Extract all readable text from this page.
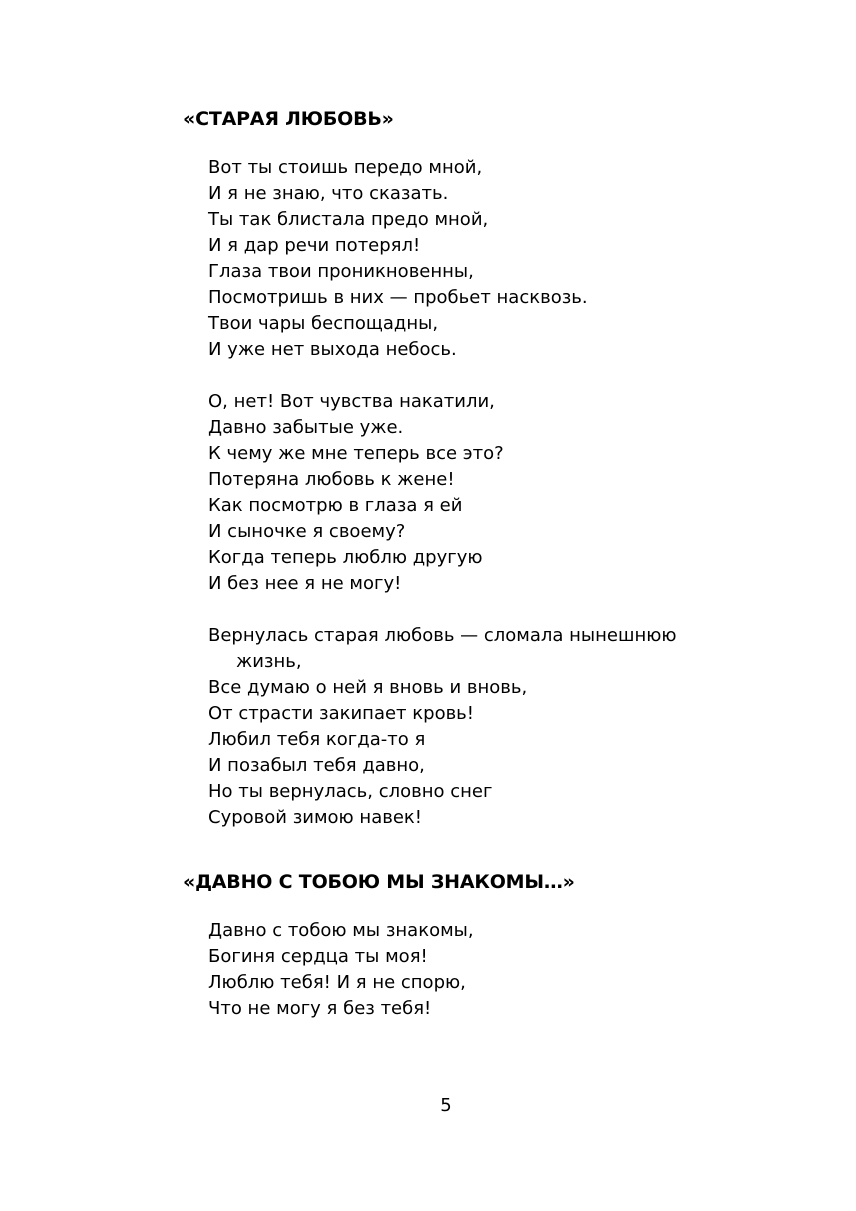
«СТАРАЯ ЛЮБОВЬ»

Вот ты стоишь передо мной,
И я не знаю, что сказать.
Ты так блистала предо мной,
И я дар речи потерял!
Глаза твои проникновенны,
Посмотришь в них — пробьет насквозь.
Твои чары беспощадны,
И уже нет выхода небось.

О, нет! Вот чувства накатили,
Давно забытые уже.
К чему же мне теперь все это?
Потеряна любовь к жене!
Как посмотрю в глаза я ей
И сыночке я своему?
Когда теперь люблю другую
И без нее я не могу!

Вернулась старая любовь — сломала нынешнюю
жизнь,
Все думаю о ней я вновь и вновь,
От страсти закипает кровь!
Любил тебя когда-то я
И позабыл тебя давно,
Но ты вернулась, словно снег
Суровой зимою навек!

«ДАВНО С ТОБОЮ МЫ ЗНАКОМЫ…»

Давно с тобою мы знакомы,
Богиня сердца ты моя!
Люблю тебя! И я не спорю,
Что не могу я без тебя!

5
